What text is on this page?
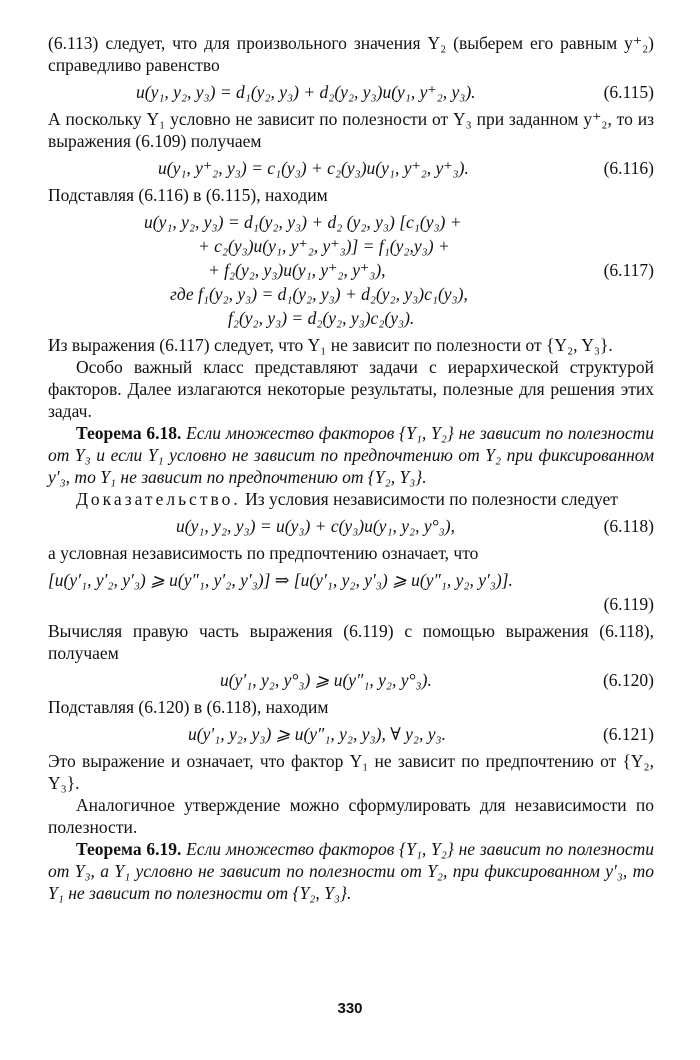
(6.113) следует, что для произвольного значения Y₂ (выберем его равным y⁺₂) справедливо равенство

u(y₁, y₂, y₃) = d₁(y₂, y₃) + d₂(y₂, y₃)u(y₁, y⁺₂, y₃).	(6.115)

А поскольку Y₁ условно не зависит по полезности от Y₃ при заданном y⁺₂, то из выражения (6.109) получаем

u(y₁, y⁺₂, y₃) = c₁(y₃) + c₂(y₃)u(y₁, y⁺₂, y⁺₃).	(6.116)

Подставляя (6.116) в (6.115), находим

u(y₁, y₂, y₃) = d₁(y₂, y₃) + d₂ (y₂, y₃) [c₁(y₃) +
+ c₂(y₃)u(y₁, y⁺₂, y⁺₃)] = f₁(y₂,y₃) +
+ f₂(y₂, y₃)u(y₁, y⁺₂, y⁺₃),	(6.117)
где f₁(y₂, y₃) = d₁(y₂, y₃) + d₂(y₂, y₃)c₁(y₃),
f₂(y₂, y₃) = d₂(y₂, y₃)c₂(y₃).

Из выражения (6.117) следует, что Y₁ не зависит по полезности от {Y₂, Y₃}.

Особо важный класс представляют задачи с иерархической структурой факторов. Далее излагаются некоторые результаты, полезные для решения этих задач.

Теорема 6.18. Если множество факторов {Y₁, Y₂} не зависит по полезности от Y₃ и если Y₁ условно не зависит по предпочтению от Y₂ при фиксированном y′₃, то Y₁ не зависит по предпочтению от {Y₂, Y₃}.

Доказательство. Из условия независимости по полезности следует

u(y₁, y₂, y₃) = u(y₃) + c(y₃)u(y₁, y₂, y°₃),	(6.118)

а условная независимость по предпочтению означает, что

[u(y′₁, y′₂, y′₃) ⩾ u(y″₁, y′₂, y′₃)] ⇒ [u(y′₁, y₂, y′₃) ⩾ u(y″₁, y₂, y′₃)].
(6.119)

Вычисляя правую часть выражения (6.119) с помощью выражения (6.118), получаем

u(y′₁, y₂, y°₃) ⩾ u(y″₁, y₂, y°₃).	(6.120)

Подставляя (6.120) в (6.118), находим

u(y′₁, y₂, y₃) ⩾ u(y″₁, y₂, y₃), ∀ y₂, y₃.	(6.121)

Это выражение и означает, что фактор Y₁ не зависит по предпочтению от {Y₂, Y₃}.

Аналогичное утверждение можно сформулировать для независимости по полезности.

Теорема 6.19. Если множество факторов {Y₁, Y₂} не зависит по полезности от Y₃, а Y₁ условно не зависит по полезности от Y₂, при фиксированном y′₃, то Y₁ не зависит по полезности от {Y₂, Y₃}.

330
